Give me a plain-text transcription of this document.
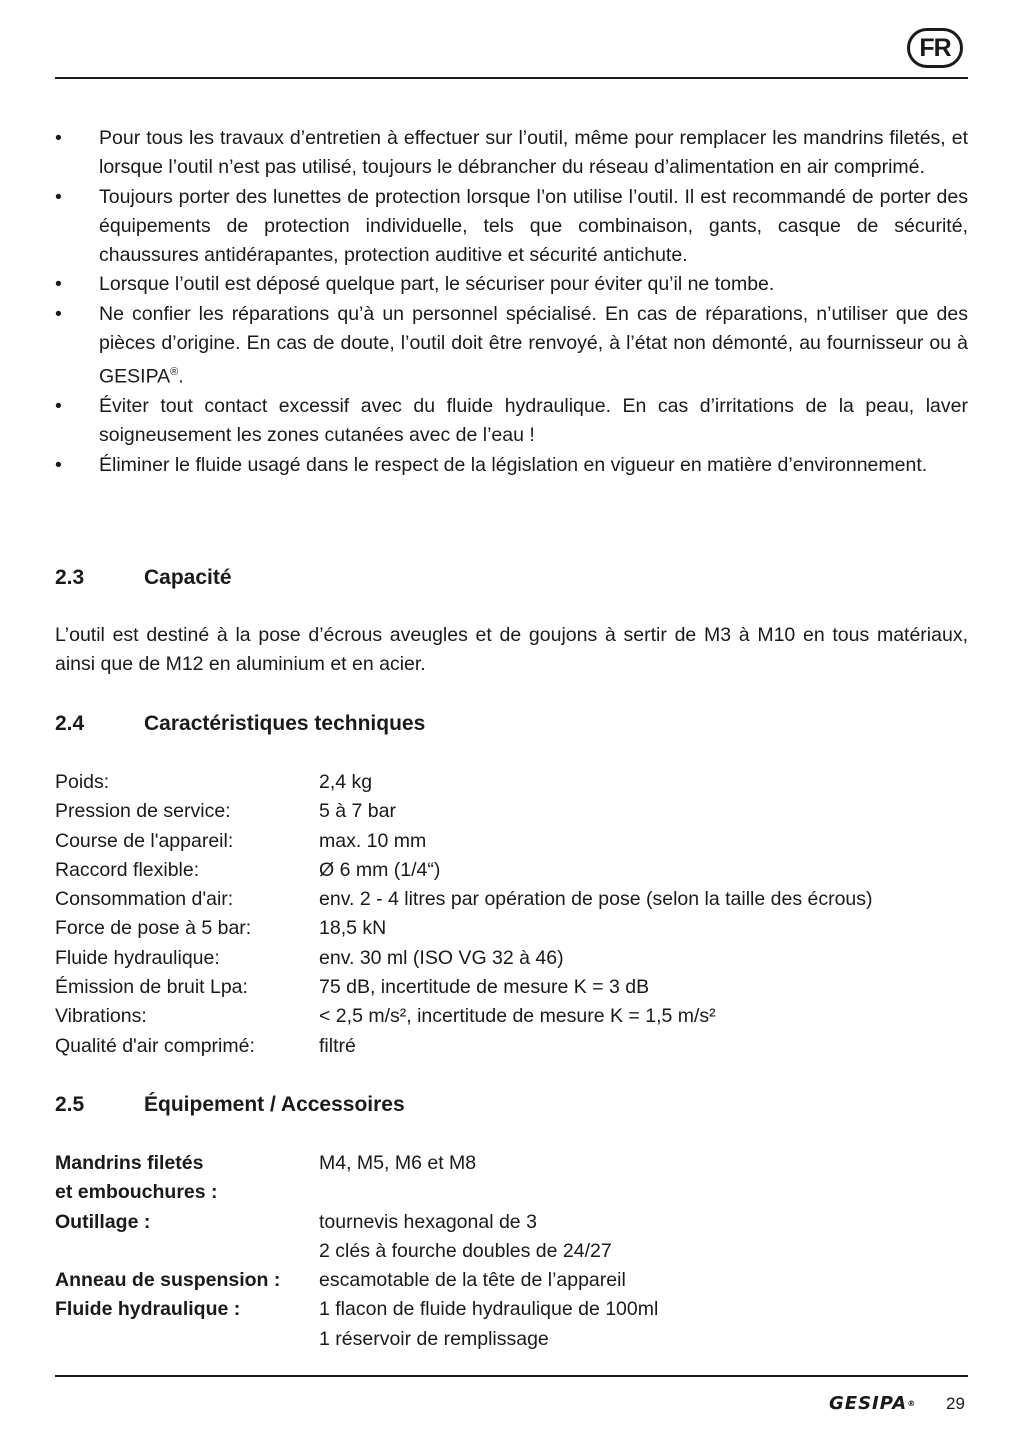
FR
• Pour tous les travaux d’entretien à effectuer sur l’outil, même pour remplacer les mandrins filetés, et lorsque l’outil n’est pas utilisé, toujours le débrancher du réseau d’alimentation en air comprimé.
• Toujours porter des lunettes de protection lorsque l’on utilise l’outil. Il est recommandé de porter des équipements de protection individuelle, tels que combinaison, gants, casque de sécurité, chaussures antidérapantes, protection auditive et sécurité antichute.
• Lorsque l’outil est déposé quelque part, le sécuriser pour éviter qu’il ne tombe.
• Ne confier les réparations qu’à un personnel spécialisé. En cas de réparations, n’utiliser que des pièces d’origine. En cas de doute, l’outil doit être renvoyé, à l’état non démonté, au fournisseur ou à GESIPA®.
• Éviter tout contact excessif avec du fluide hydraulique. En cas d’irritations de la peau, laver soigneusement les zones cutanées avec de l’eau !
• Éliminer le fluide usagé dans le respect de la législation en vigueur en matière d’environnement.
2.3	Capacité

L’outil est destiné à la pose d’écrous aveugles et de goujons à sertir de M3 à M10 en tous matériaux, ainsi que de M12 en aluminium et en acier.

2.4	Caractéristiques techniques
Poids:	2,4 kg
Pression de service:	5 à 7 bar
Course de l'appareil:	max. 10 mm
Raccord flexible:	Ø 6 mm (1/4“)
Consommation d'air:	env. 2 - 4 litres par opération de pose (selon la taille des écrous)
Force de pose à 5 bar:	18,5 kN
Fluide hydraulique:	env. 30 ml (ISO VG 32 à 46)
Émission de bruit Lpa:	75 dB, incertitude de mesure K = 3 dB
Vibrations:	< 2,5 m/s², incertitude de mesure K = 1,5 m/s²
Qualité d'air comprimé:	filtré
2.5	Équipement / Accessoires
Mandrins filetés	M4, M5, M6 et M8
et embouchures :
Outillage :	tournevis hexagonal de 3
2 clés à fourche doubles de 24/27
Anneau de suspension : escamotable de la tête de l’appareil
Fluide hydraulique :	1 flacon de fluide hydraulique de 100ml
1 réservoir de remplissage
GESIPA® 29
